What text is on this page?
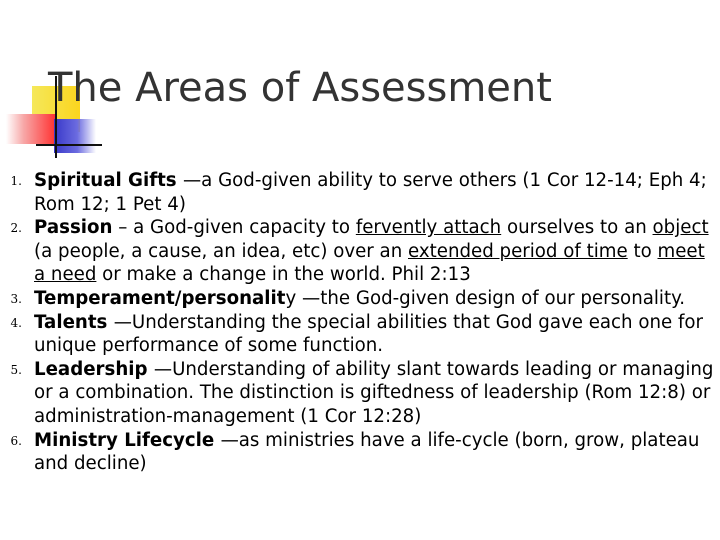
The Areas of Assessment
1. Spiritual Gifts —a God-given ability to serve others (1 Cor 12-14; Eph 4; Rom 12; 1 Pet 4)
2. Passion – a God-given capacity to fervently attach ourselves to an object (a people, a cause, an idea, etc) over an extended period of time to meet a need or make a change in the world. Phil 2:13
3. Temperament/personality —the God-given design of our personality.
4. Talents —Understanding the special abilities that God gave each one for unique performance of some function.
5. Leadership —Understanding of ability slant towards leading or managing or a combination. The distinction is giftedness of leadership (Rom 12:8) or administration-management (1 Cor 12:28)
6. Ministry Lifecycle —as ministries have a life-cycle (born, grow, plateau and decline)
